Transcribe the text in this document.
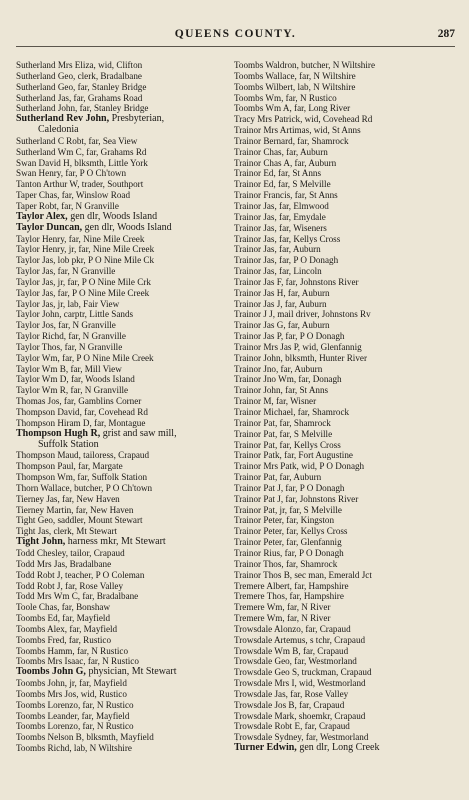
QUEENS COUNTY.	287
Sutherland Mrs Eliza, wid, Clifton
Sutherland Geo, clerk, Bradalbane
Sutherland Geo, far, Stanley Bridge
Sutherland Jas, far, Grahams Road
Sutherland John, far, Stanley Bridge
Sutherland Rev John, Presbyterian,
Caledonia
Sutherland C Robt, far, Sea View
Sutherland Wm C, far, Grahams Rd
Swan David H, blksmth, Little York
Swan Henry, far, P O Ch'town
Tanton Arthur W, trader, Southport
Taper Chas, far, Winslow Road
Taper Robt, far, N Granville
Taylor Alex, gen dlr, Woods Island
Taylor Duncan, gen dlr, Woods Island
Taylor Henry, far, Nine Mile Creek
Taylor Henry, jr, far, Nine Mile Creek
Taylor Jas, lob pkr, P O Nine Mile Ck
Taylor Jas, far, N Granville
Taylor Jas, jr, far, P O Nine Mile Crk
Taylor Jas, far, P O Nine Mile Creek
Taylor Jas, jr, lab, Fair View
Taylor John, carptr, Little Sands
Taylor Jos, far, N Granville
Taylor Richd, far, N Granville
Taylor Thos, far, N Granville
Taylor Wm, far, P O Nine Mile Creek
Taylor Wm B, far, Mill View
Taylor Wm D, far, Woods Island
Taylor Wm R, far, N Granville
Thomas Jos, far, Gamblins Corner
Thompson David, far, Covehead Rd
Thompson Hiram D, far, Montague
Thompson Hugh R, grist and saw mill,
Suffolk Station
Thompson Maud, tailoress, Crapaud
Thompson Paul, far, Margate
Thompson Wm, far, Suffolk Station
Thorn Wallace, butcher, P O Ch'town
Tierney Jas, far, New Haven
Tierney Martin, far, New Haven
Tight Geo, saddler, Mount Stewart
Tight Jas, clerk, Mt Stewart
Tight John, harness mkr, Mt Stewart
Todd Chesley, tailor, Crapaud
Todd Mrs Jas, Bradalbane
Todd Robt J, teacher, P O Coleman
Todd Robt J, far, Rose Valley
Todd Mrs Wm C, far, Bradalbane
Toole Chas, far, Bonshaw
Toombs Ed, far, Mayfield
Toombs Alex, far, Mayfield
Toombs Fred, far, Rustico
Toombs Hamm, far, N Rustico
Toombs Mrs Isaac, far, N Rustico
Toombs John G, physician, Mt Stewart
Toombs John, jr, far, Mayfield
Toombs Mrs Jos, wid, Rustico
Toombs Lorenzo, far, N Rustico
Toombs Leander, far, Mayfield
Toombs Lorenzo, far, N Rustico
Toombs Nelson B, blksmth, Mayfield
Toombs Richd, lab, N Wiltshire
Toombs Waldron, butcher, N Wiltshire
Toombs Wallace, far, N Wiltshire
Toombs Wilbert, lab, N Wiltshire
Toombs Wm, far, N Rustico
Toombs Wm A, far, Long River
Tracy Mrs Patrick, wid, Covehead Rd
Trainor Mrs Artimas, wid, St Anns
Trainor Bernard, far, Shamrock
Trainor Chas, far, Auburn
Trainor Chas A, far, Auburn
Trainor Ed, far, St Anns
Trainor Ed, far, S Melville
Trainor Francis, far, St Anns
Trainor Jas, far, Elmwood
Trainor Jas, far, Emydale
Trainor Jas, far, Wiseners
Trainor Jas, far, Kellys Cross
Trainor Jas, far, Auburn
Trainor Jas, far, P O Donagh
Trainor Jas, far, Lincoln
Trainor Jas F, far, Johnstons River
Trainor Jas H, far, Auburn
Trainor Jas J, far, Auburn
Trainor J J, mail driver, Johnstons Rv
Trainor Jas G, far, Auburn
Trainor Jas P, far, P O Donagh
Trainor Mrs Jas P, wid, Glenfannig
Trainor John, blksmth, Hunter River
Trainor Jno, far, Auburn
Trainor Jno Wm, far, Donagh
Trainor John, far, St Anns
Trainor M, far, Wisner
Trainor Michael, far, Shamrock
Trainor Pat, far, Shamrock
Trainor Pat, far, S Melville
Trainor Pat, far, Kellys Cross
Trainor Patk, far, Fort Augustine
Trainor Mrs Patk, wid, P O Donagh
Trainor Pat, far, Auburn
Trainor Pat J, far, P O Donagh
Trainor Pat J, far, Johnstons River
Trainor Pat, jr, far, S Melville
Trainor Peter, far, Kingston
Trainor Peter, far, Kellys Cross
Trainor Peter, far, Glenfannig
Trainor Rius, far, P O Donagh
Trainor Thos, far, Shamrock
Trainor Thos B, sec man, Emerald Jct
Tremere Albert, far, Hampshire
Tremere Thos, far, Hampshire
Tremere Wm, far, N River
Tremere Wm, far, N River
Trowsdale Alonzo, far, Crapaud
Trowsdale Artemus, s tchr, Crapaud
Trowsdale Wm B, far, Crapaud
Trowsdale Geo, far, Westmorland
Trowsdale Geo S, truckman, Crapaud
Trowsdale Mrs I, wid, Westmorland
Trowsdale Jas, far, Rose Valley
Trowsdale Jos B, far, Crapaud
Trowsdale Mark, shoemkr, Crapaud
Trowsdale Robt E, far, Crapaud
Trowsdale Sydney, far, Westmorland
Turner Edwin, gen dlr, Long Creek
